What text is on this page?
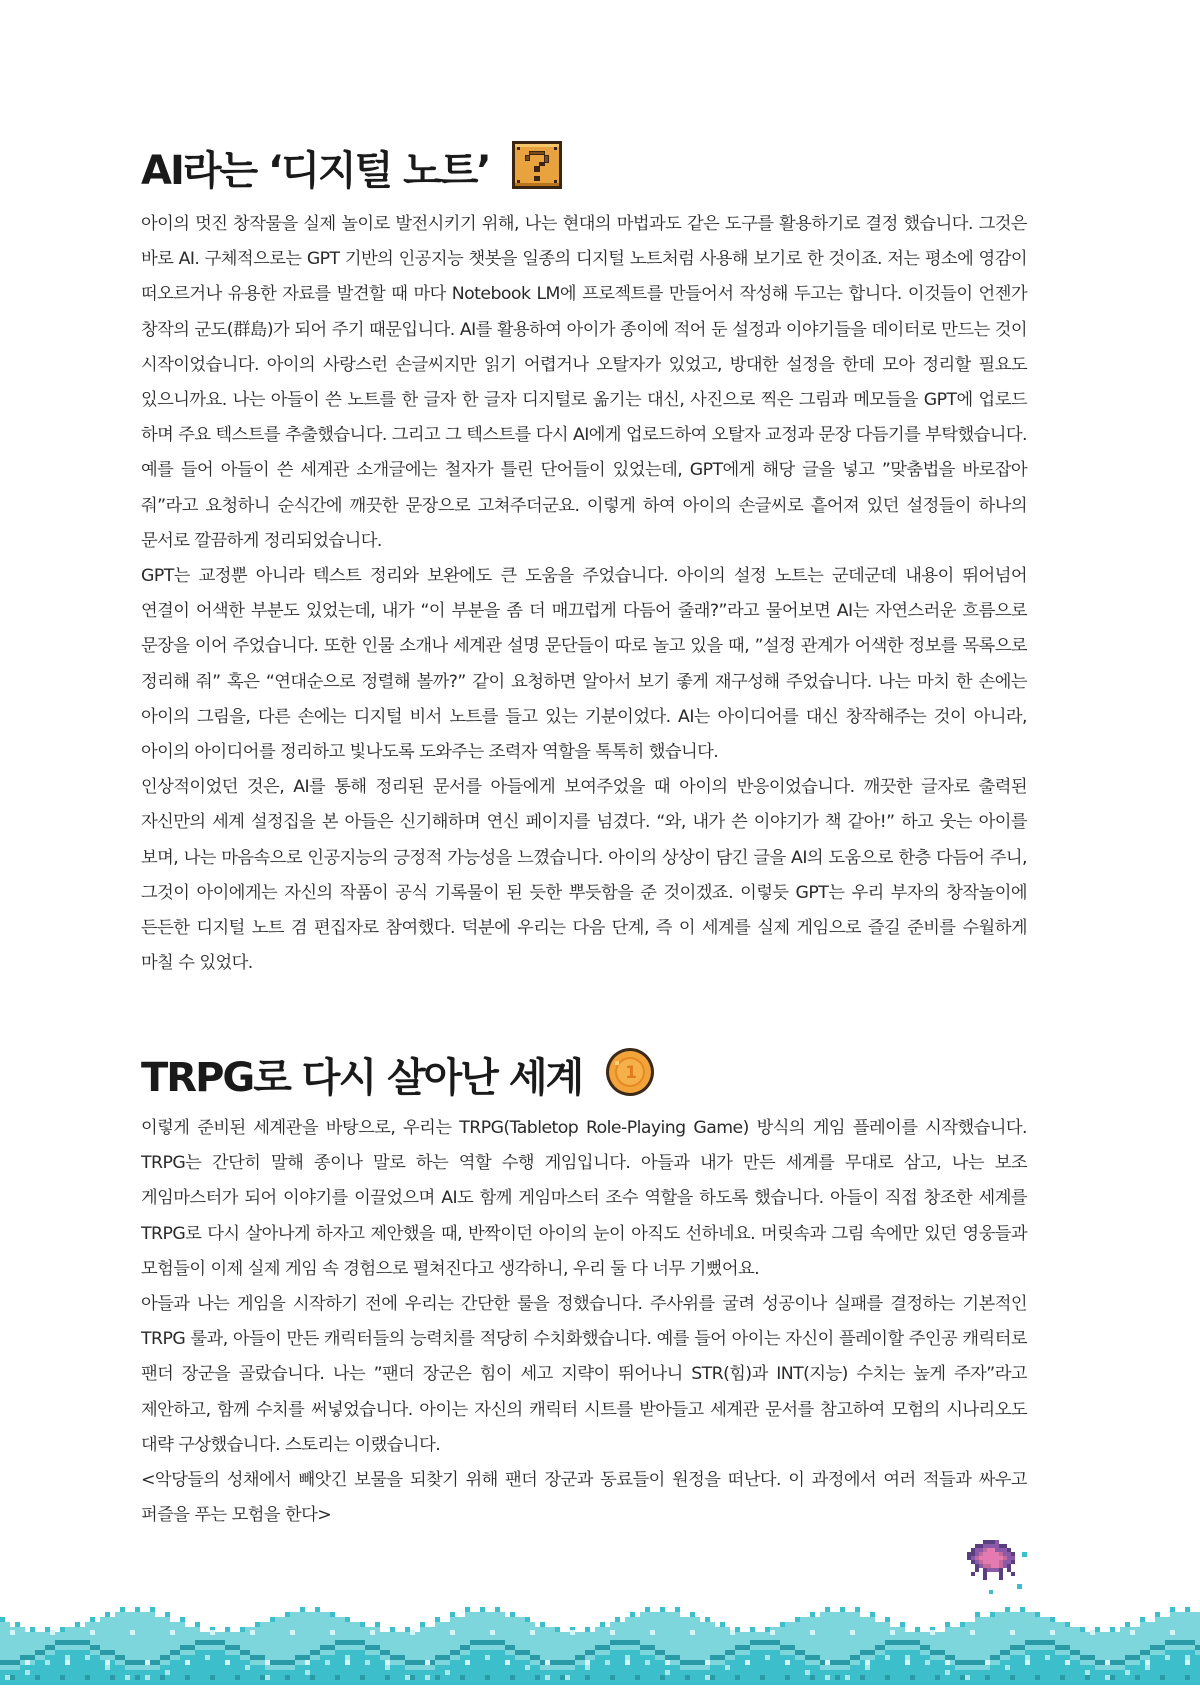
AI라는 ‘디지털 노트’

아이의 멋진 창작물을 실제 놀이로 발전시키기 위해, 나는 현대의 마법과도 같은 도구를 활용하기로 결정 했습니다. 그것은 바로 AI. 구체적으로는 GPT 기반의 인공지능 챗봇을 일종의 디지털 노트처럼 사용해 보기로 한 것이죠. 저는 평소에 영감이 떠오르거나 유용한 자료를 발견할 때 마다 Notebook LM에 프로젝트를 만들어서 작성해 두고는 합니다. 이것들이 언젠가 창작의 군도(群島)가 되어 주기 때문입니다. AI를 활용하여 아이가 종이에 적어 둔 설정과 이야기들을 데이터로 만드는 것이 시작이었습니다. 아이의 사랑스런 손글씨지만 읽기 어렵거나 오탈자가 있었고, 방대한 설정을 한데 모아 정리할 필요도 있으니까요. 나는 아들이 쓴 노트를 한 글자 한 글자 디지털로 옮기는 대신, 사진으로 찍은 그림과 메모들을 GPT에 업로드 하며 주요 텍스트를 추출했습니다. 그리고 그 텍스트를 다시 AI에게 업로드하여 오탈자 교정과 문장 다듬기를 부탁했습니다. 예를 들어 아들이 쓴 세계관 소개글에는 철자가 틀린 단어들이 있었는데, GPT에게 해당 글을 넣고 ”맞춤법을 바로잡아 줘”라고 요청하니 순식간에 깨끗한 문장으로 고쳐주더군요. 이렇게 하여 아이의 손글씨로 흩어져 있던 설정들이 하나의 문서로 깔끔하게 정리되었습니다.

GPT는 교정뿐 아니라 텍스트 정리와 보완에도 큰 도움을 주었습니다. 아이의 설정 노트는 군데군데 내용이 뛰어넘어 연결이 어색한 부분도 있었는데, 내가 “이 부분을 좀 더 매끄럽게 다듬어 줄래?”라고 물어보면 AI는 자연스러운 흐름으로 문장을 이어 주었습니다. 또한 인물 소개나 세계관 설명 문단들이 따로 놀고 있을 때, ”설정 관계가 어색한 정보를 목록으로 정리해 줘” 혹은 “연대순으로 정렬해 볼까?” 같이 요청하면 알아서 보기 좋게 재구성해 주었습니다. 나는 마치 한 손에는 아이의 그림을, 다른 손에는 디지털 비서 노트를 들고 있는 기분이었다. AI는 아이디어를 대신 창작해주는 것이 아니라, 아이의 아이디어를 정리하고 빛나도록 도와주는 조력자 역할을 톡톡히 했습니다.

인상적이었던 것은, AI를 통해 정리된 문서를 아들에게 보여주었을 때 아이의 반응이었습니다. 깨끗한 글자로 출력된 자신만의 세계 설정집을 본 아들은 신기해하며 연신 페이지를 넘겼다. “와, 내가 쓴 이야기가 책 같아!” 하고 웃는 아이를 보며, 나는 마음속으로 인공지능의 긍정적 가능성을 느꼈습니다. 아이의 상상이 담긴 글을 AI의 도움으로 한층 다듬어 주니, 그것이 아이에게는 자신의 작품이 공식 기록물이 된 듯한 뿌듯함을 준 것이겠죠. 이렇듯 GPT는 우리 부자의 창작놀이에 든든한 디지털 노트 겸 편집자로 참여했다. 덕분에 우리는 다음 단계, 즉 이 세계를 실제 게임으로 즐길 준비를 수월하게 마칠 수 있었다.

TRPG로 다시 살아난 세계	1

이렇게 준비된 세계관을 바탕으로, 우리는 TRPG(Tabletop Role-Playing Game) 방식의 게임 플레이를 시작했습니다. TRPG는 간단히 말해 종이나 말로 하는 역할 수행 게임입니다. 아들과 내가 만든 세계를 무대로 삼고, 나는 보조 게임마스터가 되어 이야기를 이끌었으며 AI도 함께 게임마스터 조수 역할을 하도록 했습니다. 아들이 직접 창조한 세계를 TRPG로 다시 살아나게 하자고 제안했을 때, 반짝이던 아이의 눈이 아직도 선하네요. 머릿속과 그림 속에만 있던 영웅들과 모험들이 이제 실제 게임 속 경험으로 펼쳐진다고 생각하니, 우리 둘 다 너무 기뻤어요.

아들과 나는 게임을 시작하기 전에 우리는 간단한 룰을 정했습니다. 주사위를 굴려 성공이나 실패를 결정하는 기본적인 TRPG 룰과, 아들이 만든 캐릭터들의 능력치를 적당히 수치화했습니다. 예를 들어 아이는 자신이 플레이할 주인공 캐릭터로 팬더 장군을 골랐습니다. 나는 ”팬더 장군은 힘이 세고 지략이 뛰어나니 STR(힘)과 INT(지능) 수치는 높게 주자”라고 제안하고, 함께 수치를 써넣었습니다. 아이는 자신의 캐릭터 시트를 받아들고 세계관 문서를 참고하여 모험의 시나리오도 대략 구상했습니다. 스토리는 이랬습니다.

<악당들의 성채에서 빼앗긴 보물을 되찾기 위해 팬더 장군과 동료들이 원정을 떠난다. 이 과정에서 여러 적들과 싸우고 퍼즐을 푸는 모험을 한다>
